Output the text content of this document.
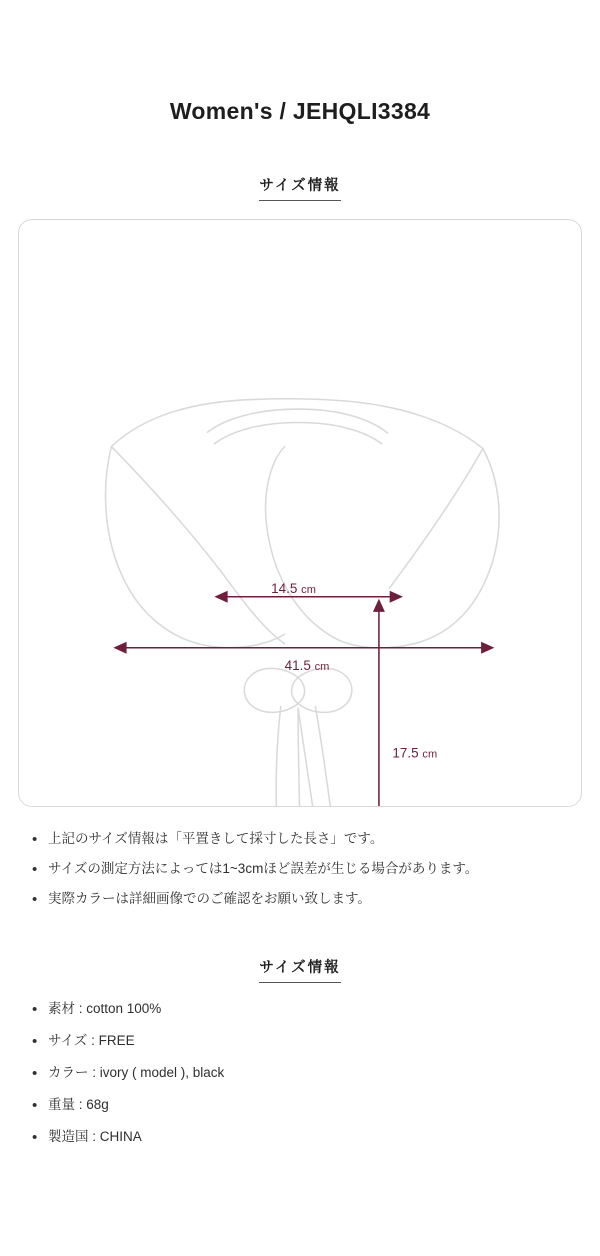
Women's / JEHQLI3384
サイズ情報
14.5 cm
41.5 cm
17.5 cm
• 上記のサイズ情報は「平置きして採寸した長さ」です。
• サイズの測定方法によっては1~3cmほど誤差が生じる場合があります。
• 実際カラーは詳細画像でのご確認をお願い致します。
サイズ情報
• 素材 : cotton 100%
• サイズ : FREE
• カラー : ivory ( model ), black
• 重量 : 68g
• 製造国 : CHINA
